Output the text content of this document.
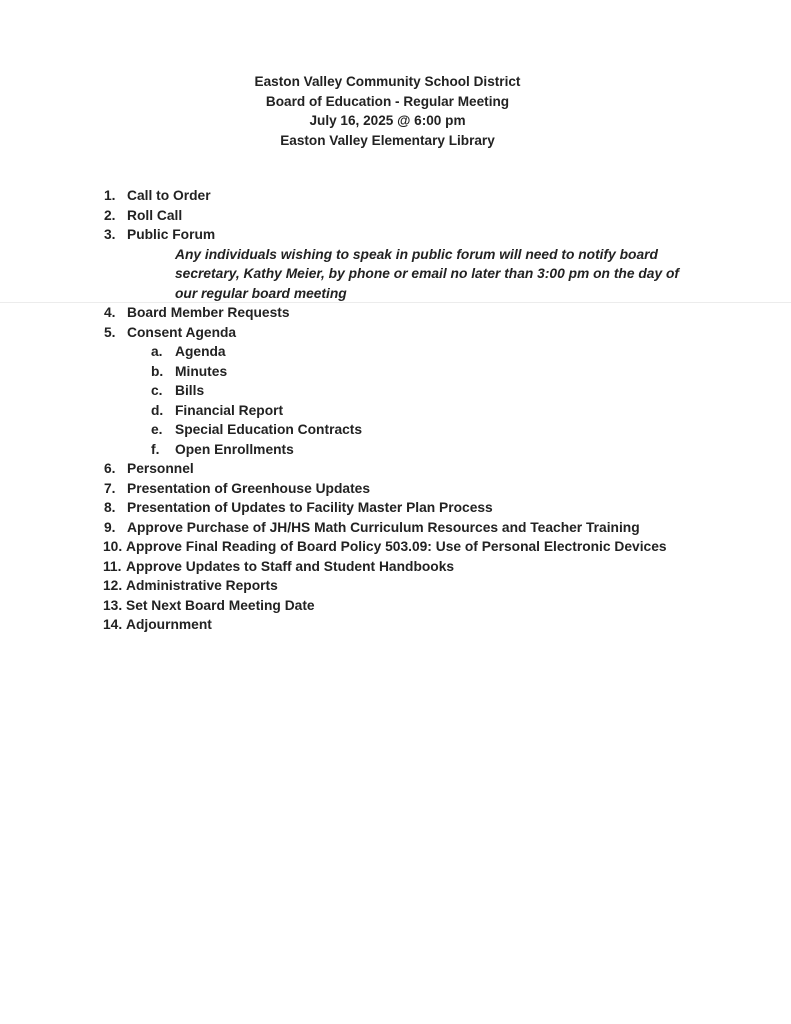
Easton Valley Community School District
Board of Education - Regular Meeting
July 16, 2025 @ 6:00 pm
Easton Valley Elementary Library
1. Call to Order
2. Roll Call
3. Public Forum
Any individuals wishing to speak in public forum will need to notify board secretary, Kathy Meier, by phone or email no later than 3:00 pm on the day of our regular board meeting
4. Board Member Requests
5. Consent Agenda
a. Agenda
b. Minutes
c. Bills
d. Financial Report
e. Special Education Contracts
f.	Open Enrollments
6. Personnel
7. Presentation of Greenhouse Updates
8. Presentation of Updates to Facility Master Plan Process
9. Approve Purchase of JH/HS Math Curriculum Resources and Teacher Training
10. Approve Final Reading of Board Policy 503.09: Use of Personal Electronic Devices
11. Approve Updates to Staff and Student Handbooks
12. Administrative Reports
13. Set Next Board Meeting Date
14. Adjournment
